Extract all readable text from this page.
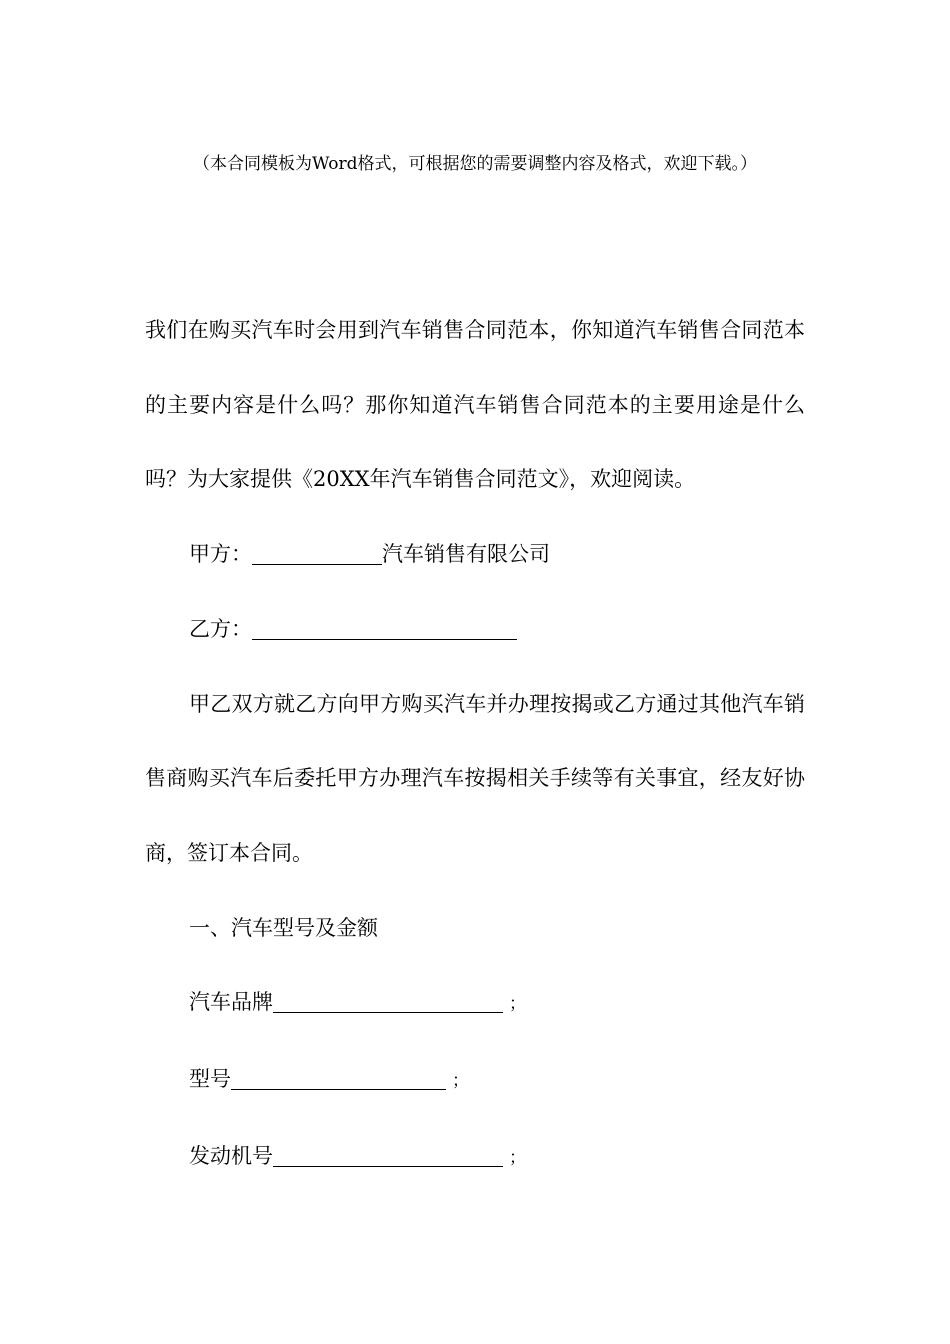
（本合同模板为Word格式，可根据您的需要调整内容及格式，欢迎下载。）

我们在购买汽车时会用到汽车销售合同范本，你知道汽车销售合同范本的主要内容是什么吗？那你知道汽车销售合同范本的主要用途是什么吗？为大家提供《20XX年汽车销售合同范文》，欢迎阅读。

甲方：	汽车销售有限公司
乙方：

甲乙双方就乙方向甲方购买汽车并办理按揭或乙方通过其他汽车销售商购买汽车后委托甲方办理汽车按揭相关手续等有关事宜，经友好协商，签订本合同。

一、汽车型号及金额
汽车品牌	；
型号	；
发动机号	；
